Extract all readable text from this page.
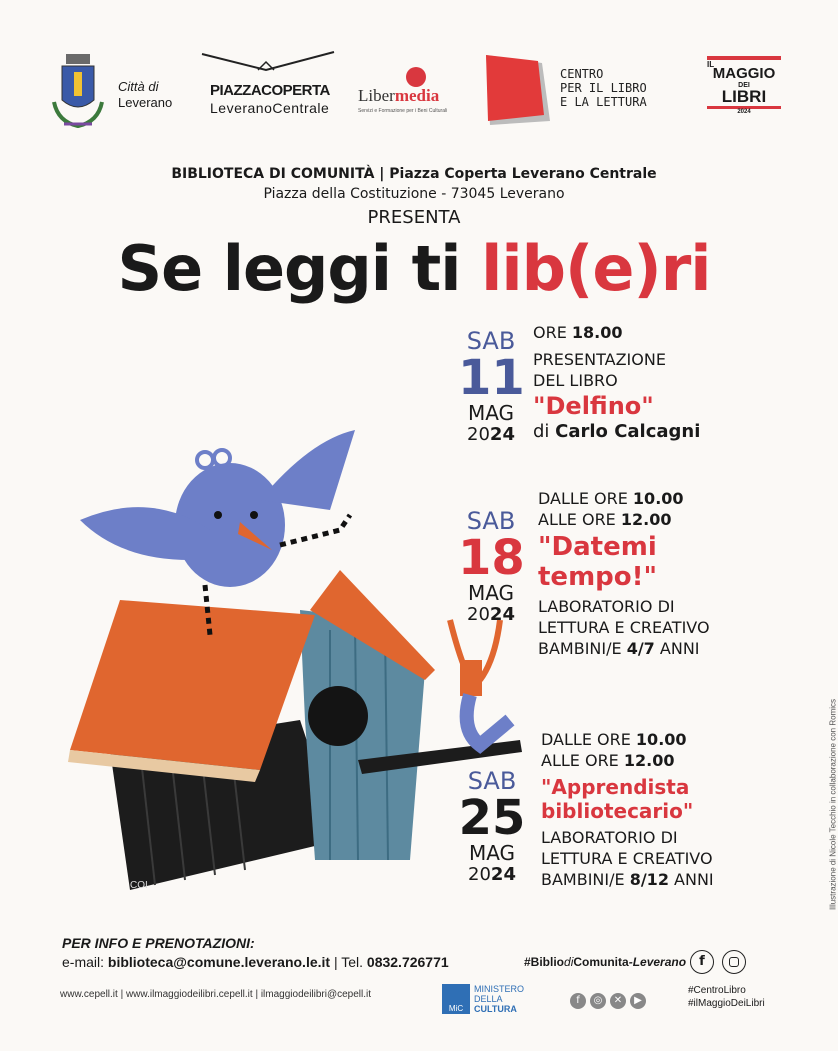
Città di
Leverano
PIAZZACOPERTA
LeveranoCentrale
Libermedia
Servizi e Formazione per i Beni Culturali
CENTRO
PER IL LIBRO
E LA LETTURA
IL
MAGGIO
DEI
LIBRI
2024
BIBLIOTECA DI COMUNITÀ | Piazza Coperta Leverano Centrale
Piazza della Costituzione - 73045 Leverano
PRESENTA
Se leggi ti lib(e)ri
COI
SAB
11
MAG
2024
ORE 18.00
PRESENTAZIONE
DEL LIBRO
"Delfino"
di Carlo Calcagni
SAB
18
MAG
2024
DALLE ORE 10.00
ALLE ORE 12.00
"Datemi
tempo!"
LABORATORIO DI
LETTURA E CREATIVO
BAMBINI/E 4/7 ANNI
SAB
25
MAG
2024
DALLE ORE 10.00
ALLE ORE 12.00
"Apprendista
bibliotecario"
LABORATORIO DI
LETTURA E CREATIVO
BAMBINI/E 8/12 ANNI	Illustrazione di Nicole Tecchio in collaborazione con Romics
PER INFO E PRENOTAZIONI:
e-mail: biblioteca@comune.leverano.le.it | Tel. 0832.726771	#BibliodiComunita-Leverano	f
www.cepell.it | www.ilmaggiodeilibri.cepell.it | ilmaggiodeilibri@cepell.it
MiC
MINISTERO
DELLA
CULTURA
f ◎ ✕ ▶
#CentroLibro
#ilMaggioDeiLibri
